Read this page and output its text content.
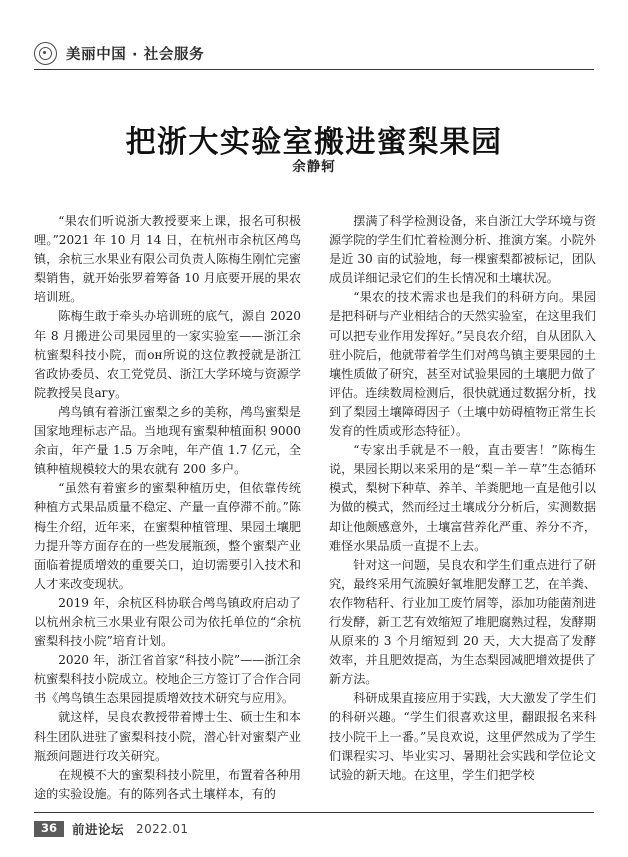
美丽中国 · 社会服务
把浙大实验室搬进蜜梨果园
余静轲

“果农们听说浙大教授要来上课，报名可积极哩。”2021 年 10 月 14 日，在杭州市余杭区鸬鸟镇，余杭三水果业有限公司负责人陈梅生刚忙完蜜梨销售，就开始张罗着筹备 10 月底要开展的果农培训班。

陈梅生敢于牵头办培训班的底气，源自 2020 年 8 月搬进公司果园里的一家实验室——浙江余杭蜜梨科技小院，而он所说的这位教授就是浙江省政协委员、农工党党员、浙江大学环境与资源学院教授吴良агу。

鸬鸟镇有着浙江蜜梨之乡的美称，鸬鸟蜜梨是国家地理标志产品。当地现有蜜梨种植面积 9000 余亩，年产量 1.5 万余吨，年产值 1.7 亿元，全镇种植规模较大的果农就有 200 多户。

“虽然有着蜜乡的蜜梨种植历史，但依靠传统种植方式果品质量不稳定、产量一直停滞不前。”陈梅生介绍，近年来，在蜜梨种植管理、果园土壤肥力提升等方面存在的一些发展瓶颈，整个蜜梨产业面临着提质增效的重要关口，迫切需要引入技术和人才来改变现状。

2019 年，余杭区科协联合鸬鸟镇政府启动了以杭州余杭三水果业有限公司为依托单位的“余杭蜜梨科技小院”培育计划。

2020 年，浙江省首家“科技小院”——浙江余杭蜜梨科技小院成立。校地企三方签订了合作合同书《鸬鸟镇生态果园提质增效技术研究与应用》。

就这样，吴良农教授带着博士生、硕士生和本科生团队进驻了蜜梨科技小院，潜心针对蜜梨产业瓶颈问题进行攻关研究。

在规模不大的蜜梨科技小院里，布置着各种用途的实验设施。有的陈列各式土壤样本，有的

摆满了科学检测设备，来自浙江大学环境与资源学院的学生们忙着检测分析、推演方案。小院外是近 30 亩的试验地，每一棵蜜梨都被标记，团队成员详细记录它们的生长情况和土壤状况。

“果农的技术需求也是我们的科研方向。果园是把科研与产业相结合的天然实验室，在这里我们可以把专业作用发挥好。”吴良农介绍，自从团队入驻小院后，他就带着学生们对鸬鸟镇主要果园的土壤性质做了研究，甚至对试验果园的土壤肥力做了评估。连续数周检测后，很快就通过数据分析，找到了梨园土壤障碍因子（土壤中妨碍植物正常生长发育的性质或形态特征）。

“专家出手就是不一般，直击要害！”陈梅生说，果园长期以来采用的是“梨－羊－草”生态循环模式，梨树下种草、养羊、羊粪肥地一直是他引以为做的模式，然而经过土壤成分分析后，实测数据却让他颇感意外，土壤富营养化严重、养分不齐，难怪水果品质一直提不上去。

针对这一问题，吴良农和学生们重点进行了研究，最终采用气流膜好氧堆肥发酵工艺，在羊粪、农作物秸秆、行业加工废竹屑等，添加功能菌剂进行发酵，新工艺有效缩短了堆肥腐熟过程，发酵期从原来的 3 个月缩短到 20 天，大大提高了发酵效率，并且肥效提高，为生态梨园减肥增效提供了新方法。

科研成果直接应用于实践，大大激发了学生们的科研兴趣。“学生们很喜欢这里，翻跟报名来科技小院干上一番。”吴良欢说，这里俨然成为了学生们课程实习、毕业实习、暑期社会实践和学位论文试验的新天地。在这里，学生们把学校

36	前进论坛 2022.01
